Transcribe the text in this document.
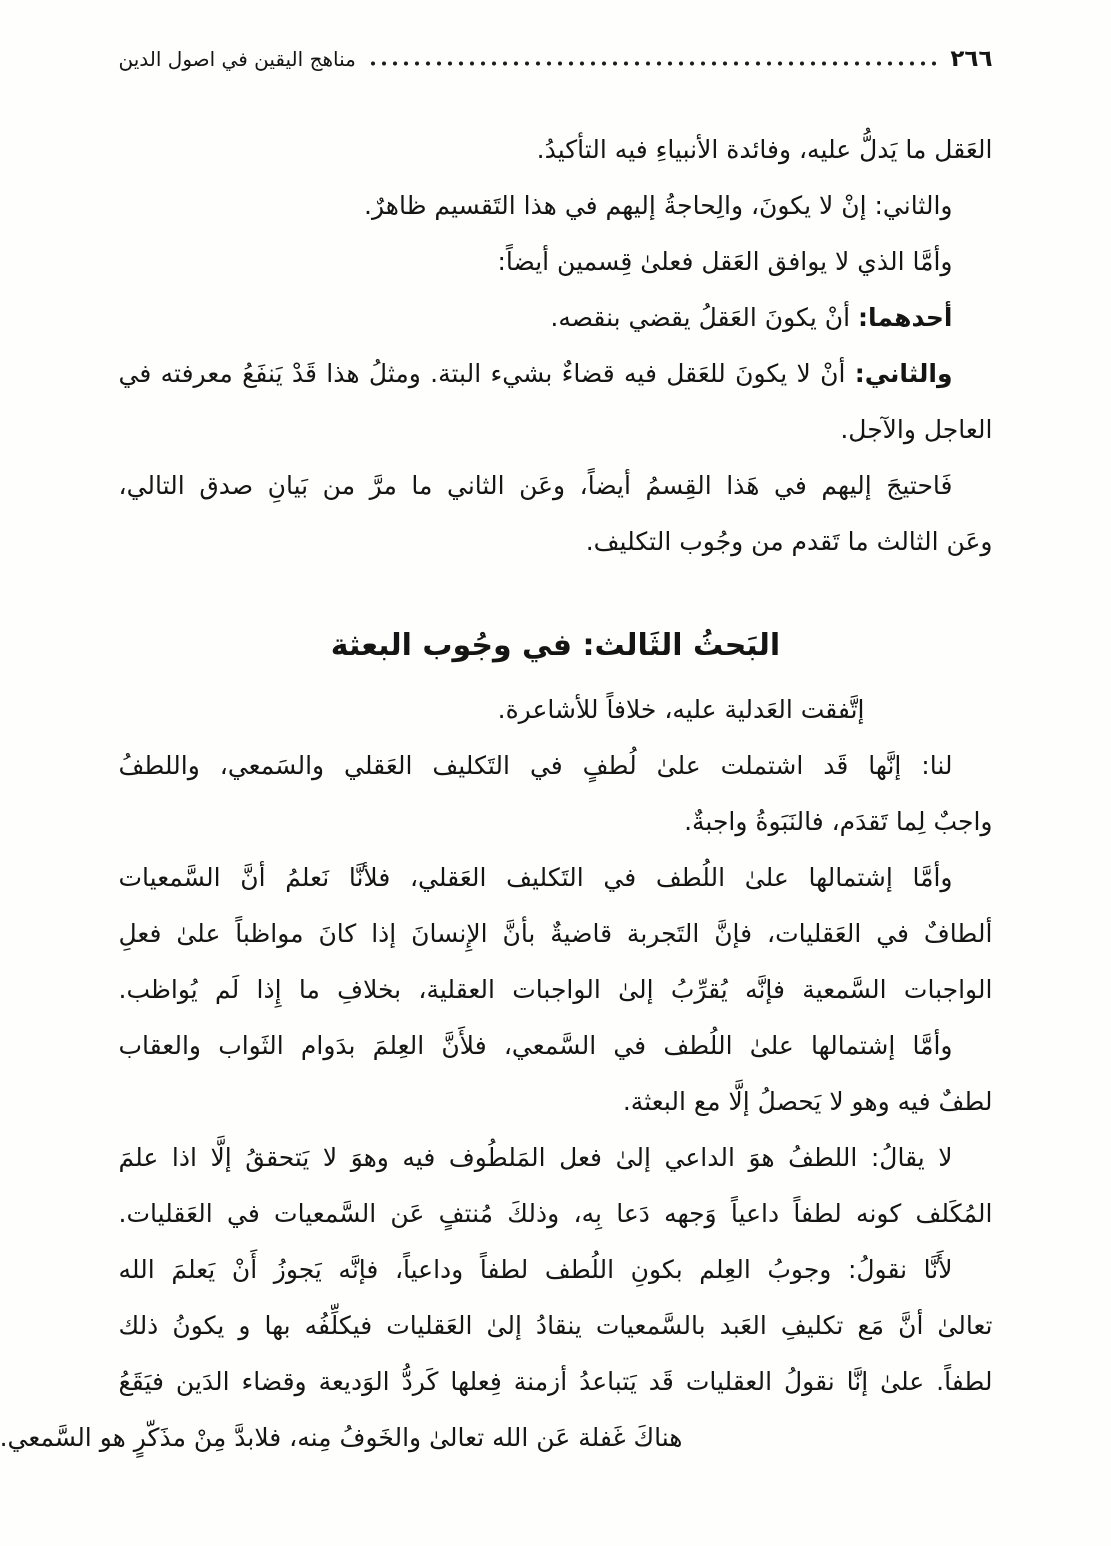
مناهج اليقين في اصول الدين	٢٦٦
العَقل ما يَدلُّ عليه، وفائدة الأنبياءِ فيه التأكيدُ.
والثاني: إنْ لا يكونَ، والِحاجةُ إليهم في هذا التَقسيم ظاهرٌ.
وأمَّا الذي لا يوافق العَقل فعلىٰ قِسمين أيضاً:
أحدهما: أنْ يكونَ العَقلُ يقضي بنقصه.
والثاني: أنْ لا يكونَ للعَقل فيه قضاءٌ بشيء البتة. ومثلُ هذا قَدْ يَنفَعُ معرفته في
العاجل والآجل.
فَاحتيجَ إليهم في هَذا القِسمُ أيضاً، وعَن الثاني ما مرَّ من بَيانِ صدق التالي،
وعَن الثالث ما تَقدم من وجُوب التكليف.
البَحثُ الثَالث: في وجُوب البعثة
إتَّفقت العَدلية عليه، خلافاً للأشاعرة.
لنا: إنَّها قَد اشتملت علىٰ لُطفٍ في التَكليف العَقلي والسَمعي، واللطفُ
واجبٌ لِما تَقدَم، فالنَبَوةُ واجبةٌ.
وأمَّا إشتمالها علىٰ اللُطف في التَكليف العَقلي، فلأنَّا نَعلمُ أنَّ السَّمعيات
ألطافٌ في العَقليات، فإنَّ التَجربة قاضيةٌ بأنَّ الإِنسانَ إذا كانَ مواظباً علىٰ فعلِ
الواجبات السَّمعية فإنَّه يُقرِّبُ إلىٰ الواجبات العقلية، بخلافِ ما إِذا لَم يُواظب.
وأمَّا إشتمالها علىٰ اللُطف في السَّمعي، فلأَنَّ العِلمَ بدَوام الثَواب والعقاب
لطفٌ فيه وهو لا يَحصلُ إلَّا مع البعثة.
لا يقالُ: اللطفُ هوَ الداعي إلىٰ فعل المَلطُوف فيه وهوَ لا يَتحققُ إلَّا اذا علمَ
المُكَلف كونه لطفاً داعياً وَجهه دَعا بِه، وذلكَ مُنتفٍ عَن السَّمعيات في العَقليات.
لأَنَّا نقولُ: وجوبُ العِلم بكونِ اللُطف لطفاً وداعياً، فإنَّه يَجوزُ أَنْ يَعلمَ الله
تعالىٰ أنَّ مَع تكليفِ العَبد بالسَّمعيات ينقادُ إلىٰ العَقليات فيكلِّفُه بها و يكونُ ذلك
لطفاً. علىٰ إنَّا نقولُ العقليات قَد يَتباعدُ أزمنة فِعلها كَردُّ الوَديعة وقضاء الدَين فيَقَعُ
هناكَ غَفلة عَن الله تعالىٰ والخَوفُ مِنه، فلابدَّ مِنْ مذَكّرٍ هو السَّمعي.
